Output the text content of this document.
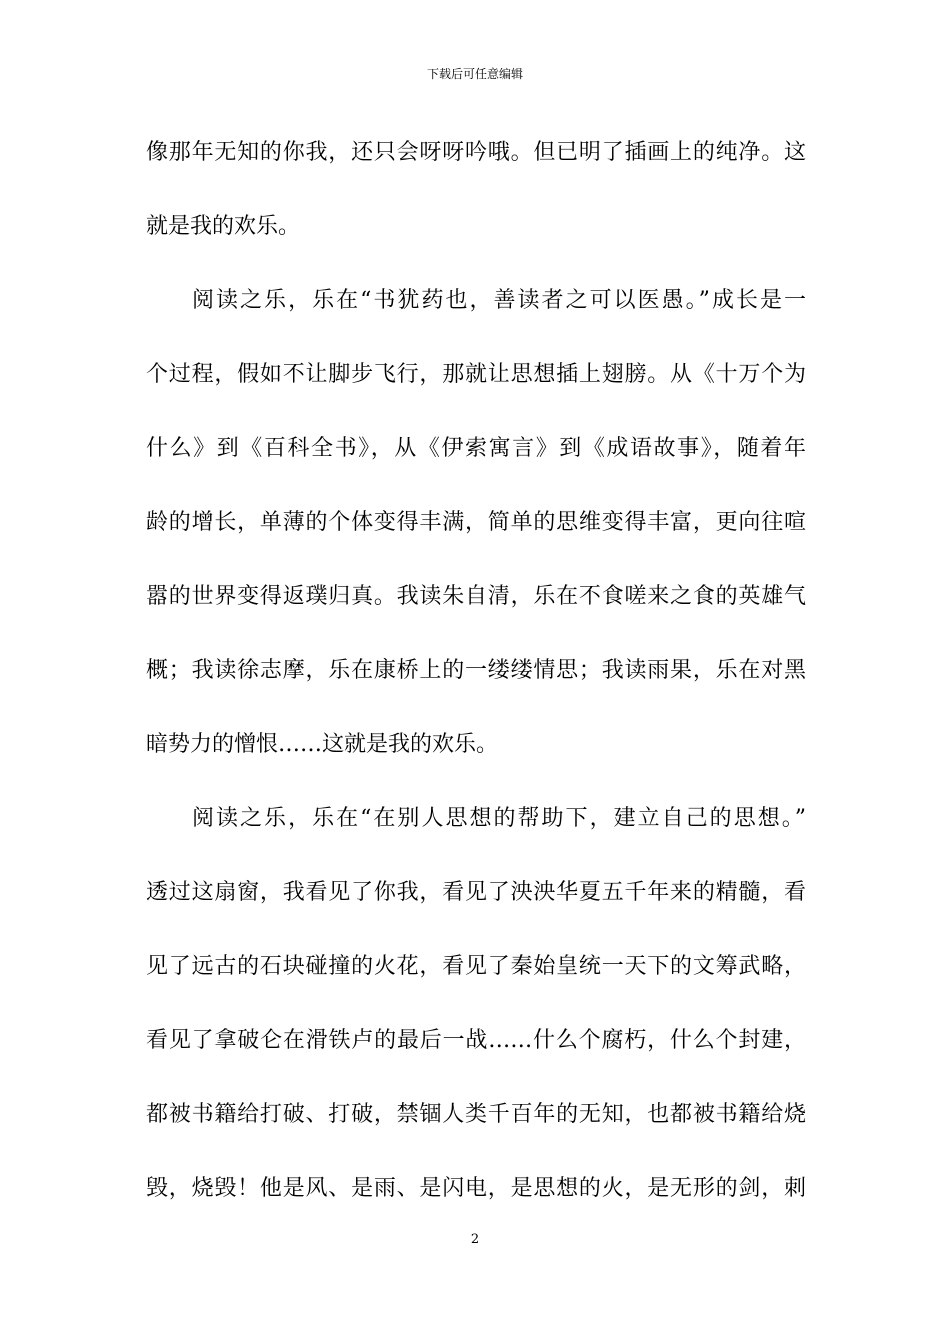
下载后可任意编辑
像那年无知的你我，还只会呀呀吟哦。但已明了插画上的纯净。这
就是我的欢乐。
阅读之乐，乐在“书犹药也，善读者之可以医愚。”成长是一
个过程，假如不让脚步飞行，那就让思想插上翅膀。从《十万个为
什么》到《百科全书》，从《伊索寓言》到《成语故事》，随着年
龄的增长，单薄的个体变得丰满，简单的思维变得丰富，更向往喧
嚣的世界变得返璞归真。我读朱自清，乐在不食嗟来之食的英雄气
概；我读徐志摩，乐在康桥上的一缕缕情思；我读雨果，乐在对黑
暗势力的憎恨……这就是我的欢乐。
阅读之乐，乐在“在别人思想的帮助下，建立自己的思想。”
透过这扇窗，我看见了你我，看见了泱泱华夏五千年来的精髓，看
见了远古的石块碰撞的火花，看见了秦始皇统一天下的文筹武略，
看见了拿破仑在滑铁卢的最后一战……什么个腐朽，什么个封建，
都被书籍给打破、打破，禁锢人类千百年的无知，也都被书籍给烧
毁，烧毁！他是风、是雨、是闪电，是思想的火，是无形的剑，刺
2
